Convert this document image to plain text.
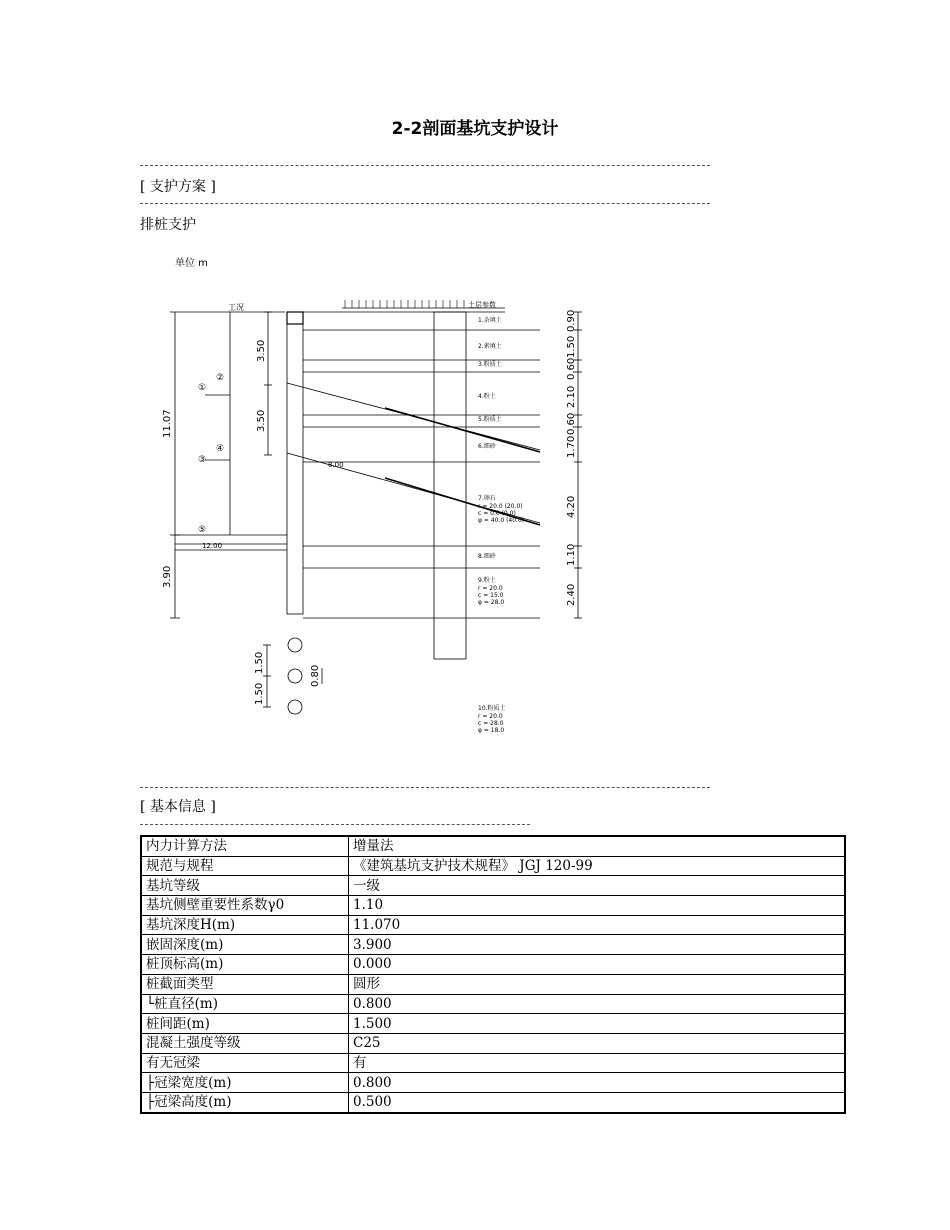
2-2剖面基坑支护设计
[ 支护方案 ]
排桩支护
单位 m
11.07
3.90
工况
①
②
③
④
⑤
3.50
3.50
土层参数
8.00
12.00
1.杂填土
2.素填土
3.粉质土
4.粉土
5.粉质土
6.细砂
7.卵石
r = 20.0 (20.0)
c = 0.0 (0.0)
φ = 40.0 (40.0)
8.细砂
9.粉土
r = 20.0
c = 15.0
φ = 28.0
10.粉质土
r = 20.0
c = 28.0
φ = 18.0
0.90
1.50
0.60
2.10
0.60
1.70
4.20
1.10
2.40
1.50
1.50
0.80
[ 基本信息 ]
内力计算方法	增量法
规范与规程	《建筑基坑支护技术规程》 JGJ 120-99
基坑等级	一级
基坑侧壁重要性系数γ0	1.10
基坑深度H(m)	11.070
嵌固深度(m)	3.900
桩顶标高(m)	0.000
桩截面类型	圆形
└桩直径(m)	0.800
桩间距(m)	1.500
混凝土强度等级	C25
有无冠梁	有
├冠梁宽度(m)	0.800
├冠梁高度(m)	0.500
